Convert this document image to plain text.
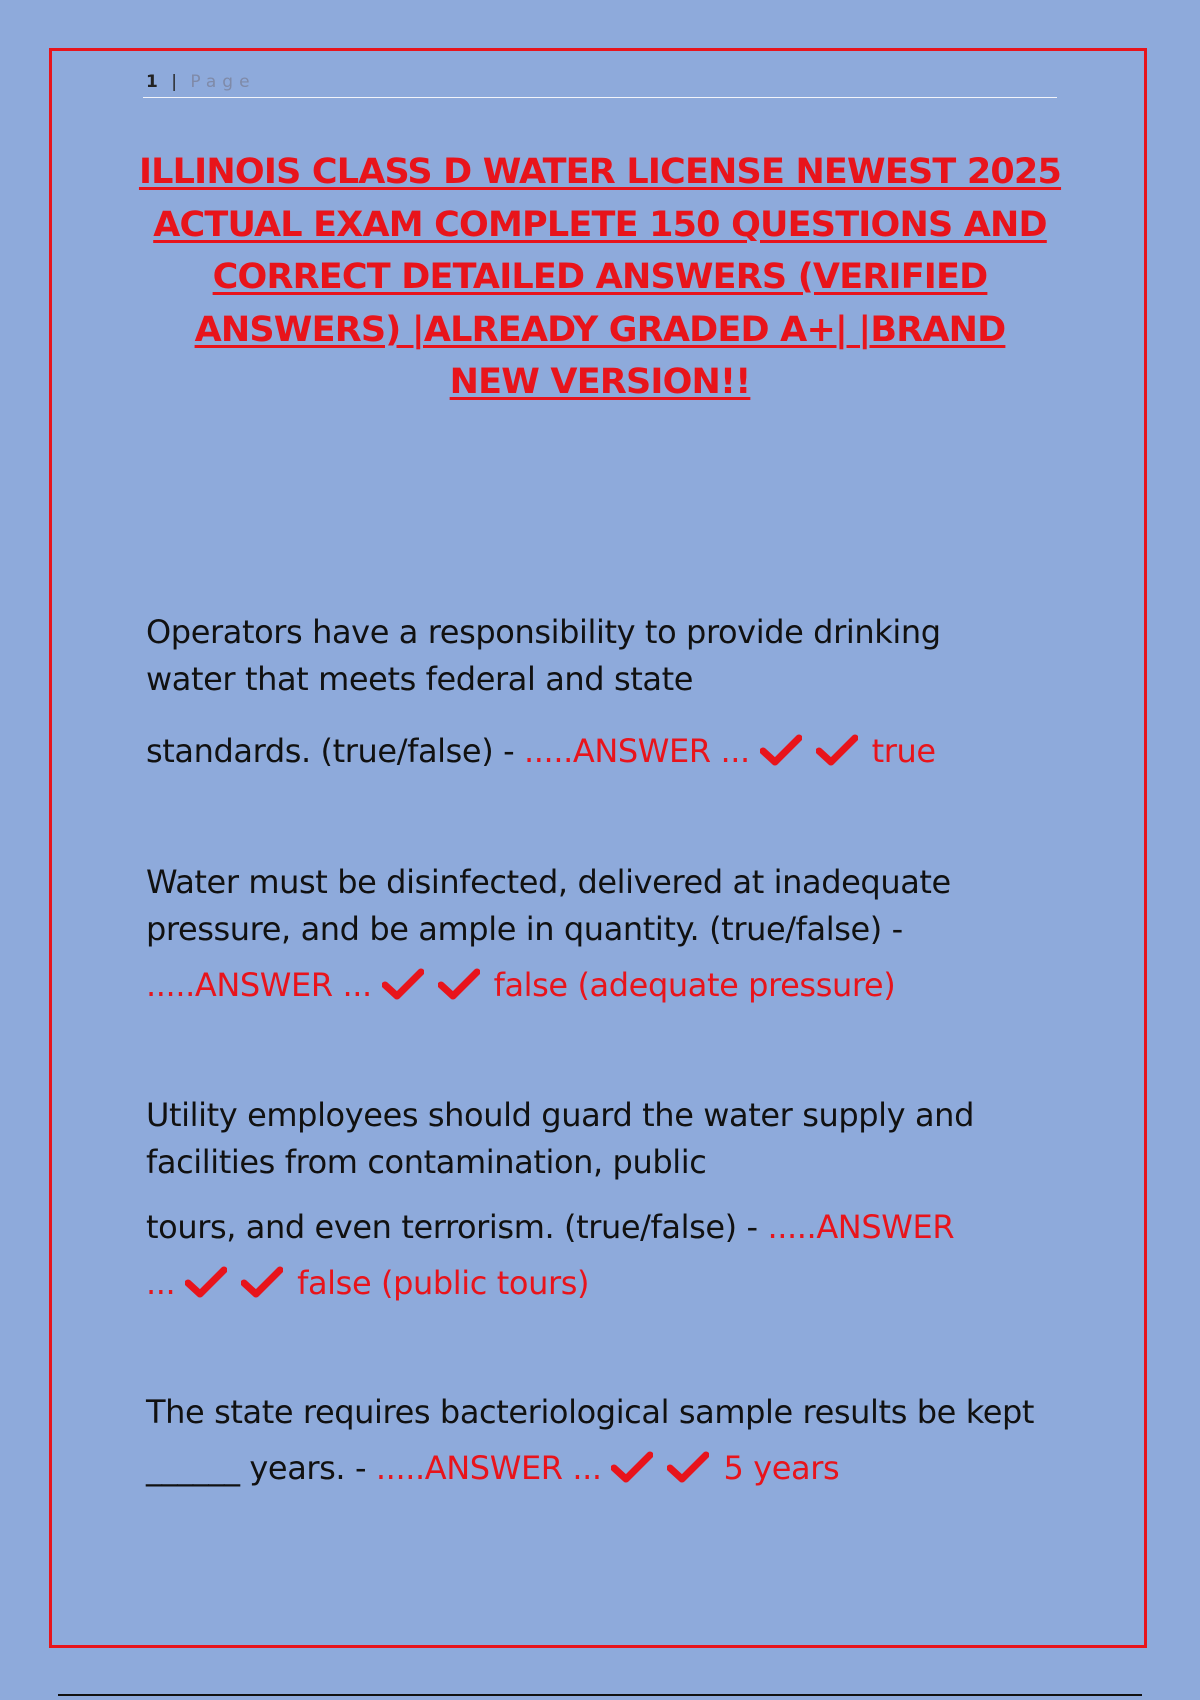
1 | Page
ILLINOIS CLASS D WATER LICENSE NEWEST 2025
ACTUAL EXAM COMPLETE 150 QUESTIONS AND
CORRECT DETAILED ANSWERS (VERIFIED
ANSWERS) |ALREADY GRADED A+| |BRAND
NEW VERSION!!
Operators have a responsibility to provide drinking
water that meets federal and state
standards. (true/false) - .....ANSWER ...	true
Water must be disinfected, delivered at inadequate
pressure, and be ample in quantity. (true/false) -
.....ANSWER ...	false (adequate pressure)
Utility employees should guard the water supply and
facilities from contamination, public
tours, and even terrorism. (true/false) - .....ANSWER
...	false (public tours)
The state requires bacteriological sample results be kept
______ years. - .....ANSWER ...	5 years
